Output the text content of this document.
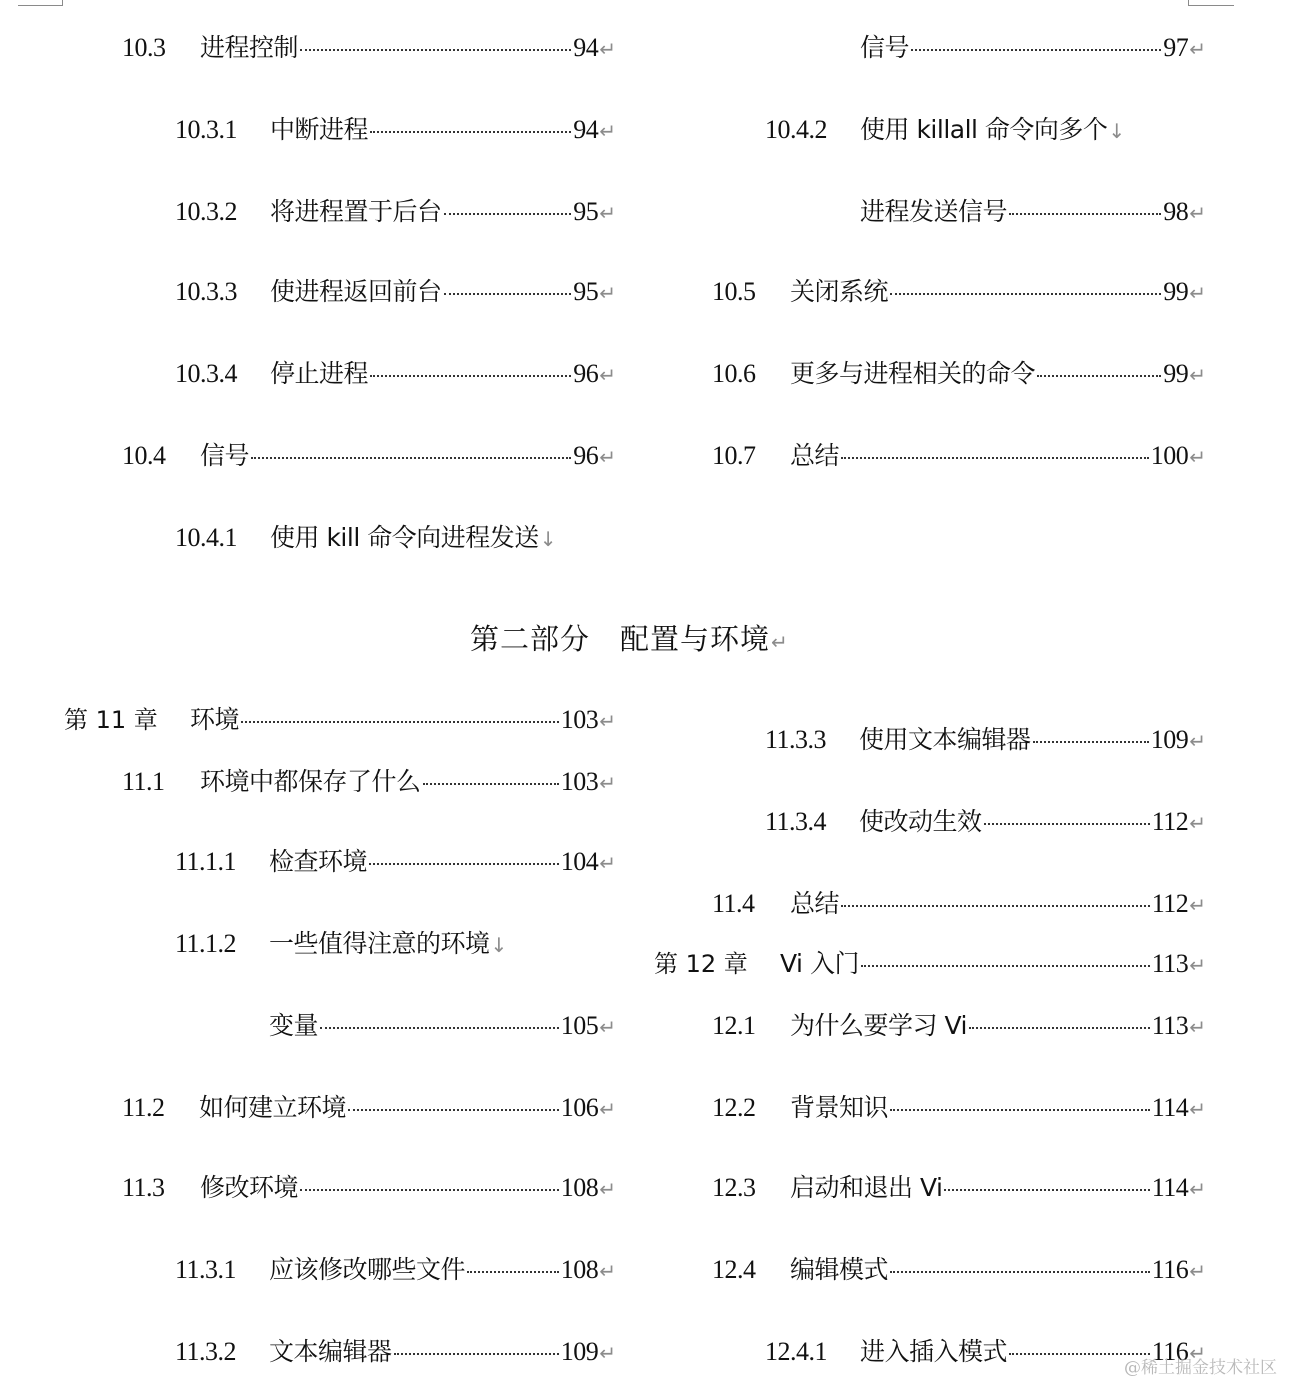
10.3	进程控制	94 ↵
10.3.1	中断进程	94 ↵
10.3.2	将进程置于后台	95 ↵
10.3.3	使进程返回前台	95 ↵
10.3.4	停止进程	96 ↵
10.4	信号	96 ↵
10.4.1	使用 kill 命令向进程发送 ↓
第二部分　配置与环境↵
第 11 章	环境	103 ↵
11.1	环境中都保存了什么	103 ↵
11.1.1	检查环境	104 ↵
11.1.2	一些值得注意的环境 ↓
变量	105 ↵
11.2	如何建立环境	106 ↵
11.3	修改环境	108 ↵
11.3.1	应该修改哪些文件	108 ↵
11.3.2	文本编辑器	109 ↵
信号	97 ↵
10.4.2	使用 killall 命令向多个 ↓
进程发送信号	98 ↵
10.5	关闭系统	99 ↵
10.6	更多与进程相关的命令	99 ↵
10.7	总结	100 ↵
11.3.3	使用文本编辑器	109 ↵
11.3.4	使改动生效	112 ↵
11.4	总结	112 ↵
第 12 章	Vi 入门	113 ↵
12.1	为什么要学习 Vi	113 ↵
12.2	背景知识	114 ↵
12.3	启动和退出 Vi	114 ↵
12.4	编辑模式	116 ↵
12.4.1	进入插入模式	116 ↵
@稀土掘金技术社区
